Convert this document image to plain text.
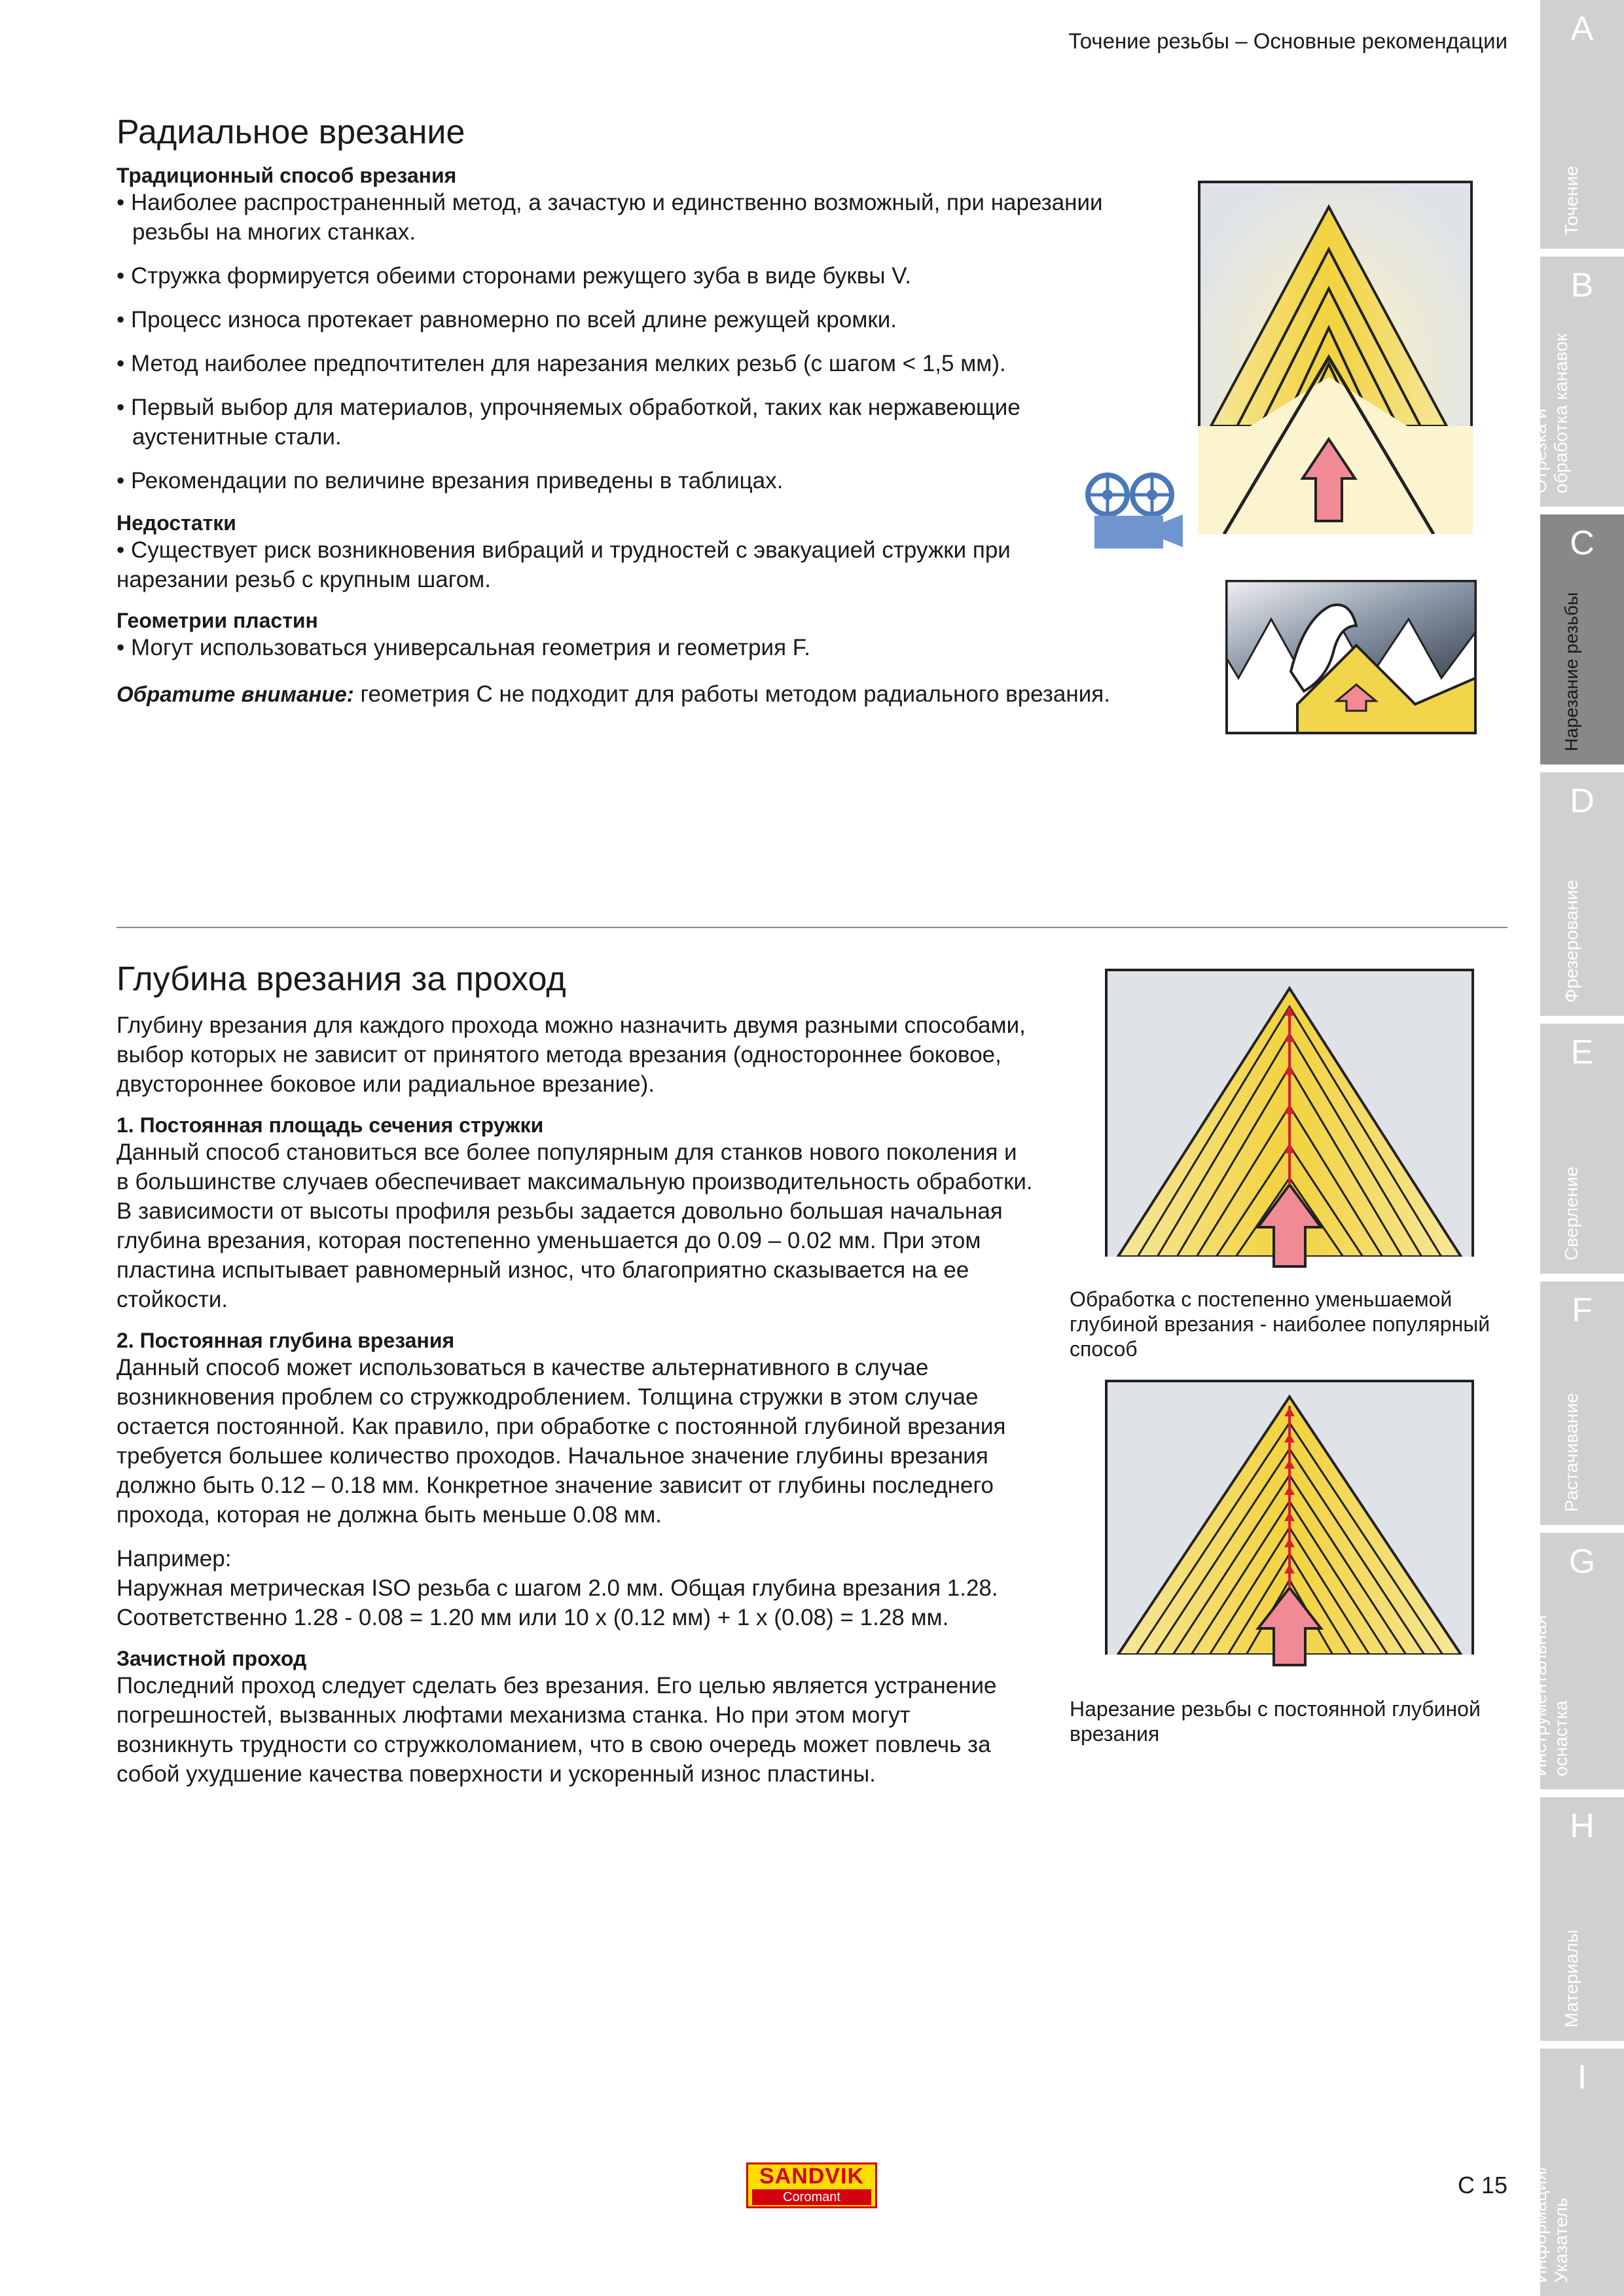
Точение резьбы – Основные рекомендации
Радиальное врезание
Традиционный способ врезания

• Наиболее распространенный метод, а зачастую и единственно возможный, при нарезании резьбы на многих станках.

• Стружка формируется обеими сторонами режущего зуба в виде буквы V.

• Процесс износа протекает равномерно по всей длине режущей кромки.

• Метод наиболее предпочтителен для нарезания мелких резьб (с шагом < 1,5 мм).

• Первый выбор для материалов, упрочняемых обработкой, таких как нержавеющие аустенитные стали.

• Рекомендации по величине врезания приведены в таблицах.

Недостатки

• Существует риск возникновения вибраций и трудностей с эвакуацией стружки при нарезании резьб с крупным шагом.

Геометрии пластин

• Могут использоваться универсальная геометрия и геометрия F.

Обратите внимание: геометрия C не подходит для работы методом радиального врезания.

Глубина врезания за проход

Глубину врезания для каждого прохода можно назначить двумя разными способами, выбор которых не зависит от принятого метода врезания (одностороннее боковое, двустороннее боковое или радиальное врезание).

1. Постоянная площадь сечения стружки

Данный способ становиться все более популярным для станков нового поколения и в большинстве случаев обеспечивает максимальную производительность обработки. В зависимости от высоты профиля резьбы задается довольно большая начальная глубина врезания, которая постепенно уменьшается до 0.09 – 0.02 мм. При этом пластина испытывает равномерный износ, что благоприятно сказывается на ее стойкости.

2. Постоянная глубина врезания

Данный способ может использоваться в качестве альтернативного в случае возникновения проблем со стружкодроблением. Толщина стружки в этом случае остается постоянной. Как правило, при обработке с постоянной глубиной врезания требуется большее количество проходов. Начальное значение глубины врезания должно быть 0.12 – 0.18 мм. Конкретное значение зависит от глубины последнего прохода, которая не должна быть меньше 0.08 мм.

Например:

Наружная метрическая ISO резьба с шагом 2.0 мм. Общая глубина врезания 1.28. Соответственно 1.28 - 0.08 = 1.20 мм или 10 x (0.12 мм) + 1 x (0.08) = 1.28 мм.

Зачистной проход

Последний проход следует сделать без врезания. Его целью является устранение погрешностей, вызванных люфтами механизма станка. Но при этом могут возникнуть трудности со стружколоманием, что в свою очередь может повлечь за собой ухудшение качества поверхности и ускоренный износ пластины.

Обработка с постепенно уменьшаемой глубиной врезания - наиболее популярный способ
Нарезание резьбы с постоянной глубиной врезания
A
Точение
B
Отрезка и
обработка канавок
C
Нарезание резьбы
D
Фрезерование
E
Сверление
F
Растачивание
G
Инструментальная
оснастка
H
Материалы
I
Информация/
Указатель
SANDVIK
Coromant	C 15
